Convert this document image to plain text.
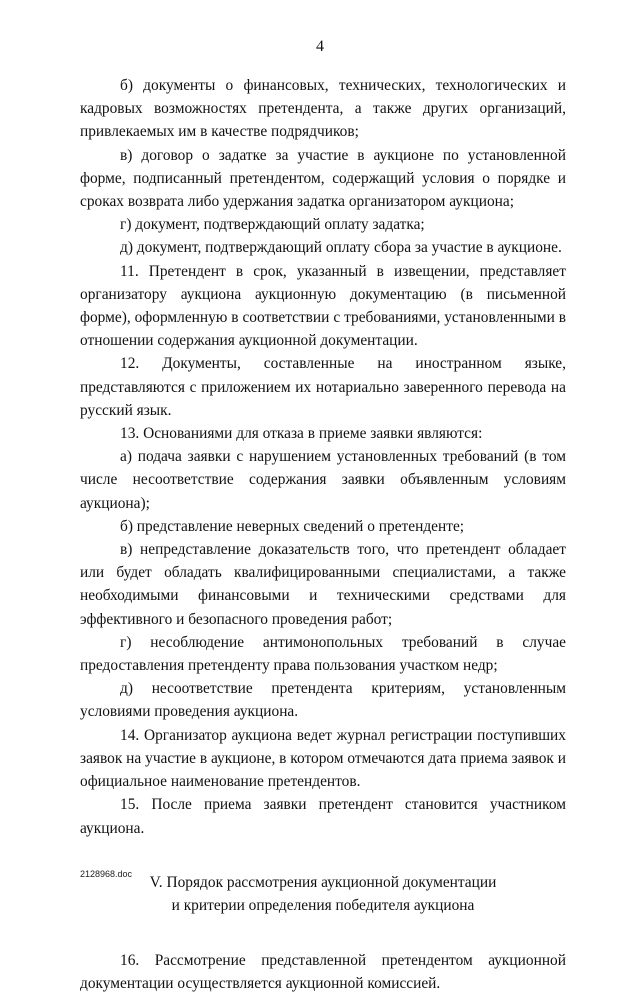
4

б) документы о финансовых, технических, технологических и кадровых возможностях претендента, а также других организаций, привлекаемых им в качестве подрядчиков;

в) договор о задатке за участие в аукционе по установленной форме, подписанный претендентом, содержащий условия о порядке и сроках возврата либо удержания задатка организатором аукциона;

г) документ, подтверждающий оплату задатка;

д) документ, подтверждающий оплату сбора за участие в аукционе.

11. Претендент в срок, указанный в извещении, представляет организатору аукциона аукционную документацию (в письменной форме), оформленную в соответствии с требованиями, установленными в отношении содержания аукционной документации.

12. Документы, составленные на иностранном языке, представляются с приложением их нотариально заверенного перевода на русский язык.

13. Основаниями для отказа в приеме заявки являются:

а) подача заявки с нарушением установленных требований (в том числе несоответствие содержания заявки объявленным условиям аукциона);

б) представление неверных сведений о претенденте;

в) непредставление доказательств того, что претендент обладает или будет обладать квалифицированными специалистами, а также необходимыми финансовыми и техническими средствами для эффективного и безопасного проведения работ;

г) несоблюдение антимонопольных требований в случае предоставления претенденту права пользования участком недр;

д) несоответствие претендента критериям, установленным условиями проведения аукциона.

14. Организатор аукциона ведет журнал регистрации поступивших заявок на участие в аукционе, в котором отмечаются дата приема заявок и официальное наименование претендентов.

15. После приема заявки претендент становится участником аукциона.

V. Порядок рассмотрения аукционной документации
и критерии определения победителя аукциона

16. Рассмотрение представленной претендентом аукционной документации осуществляется аукционной комиссией.

2128968.doc
